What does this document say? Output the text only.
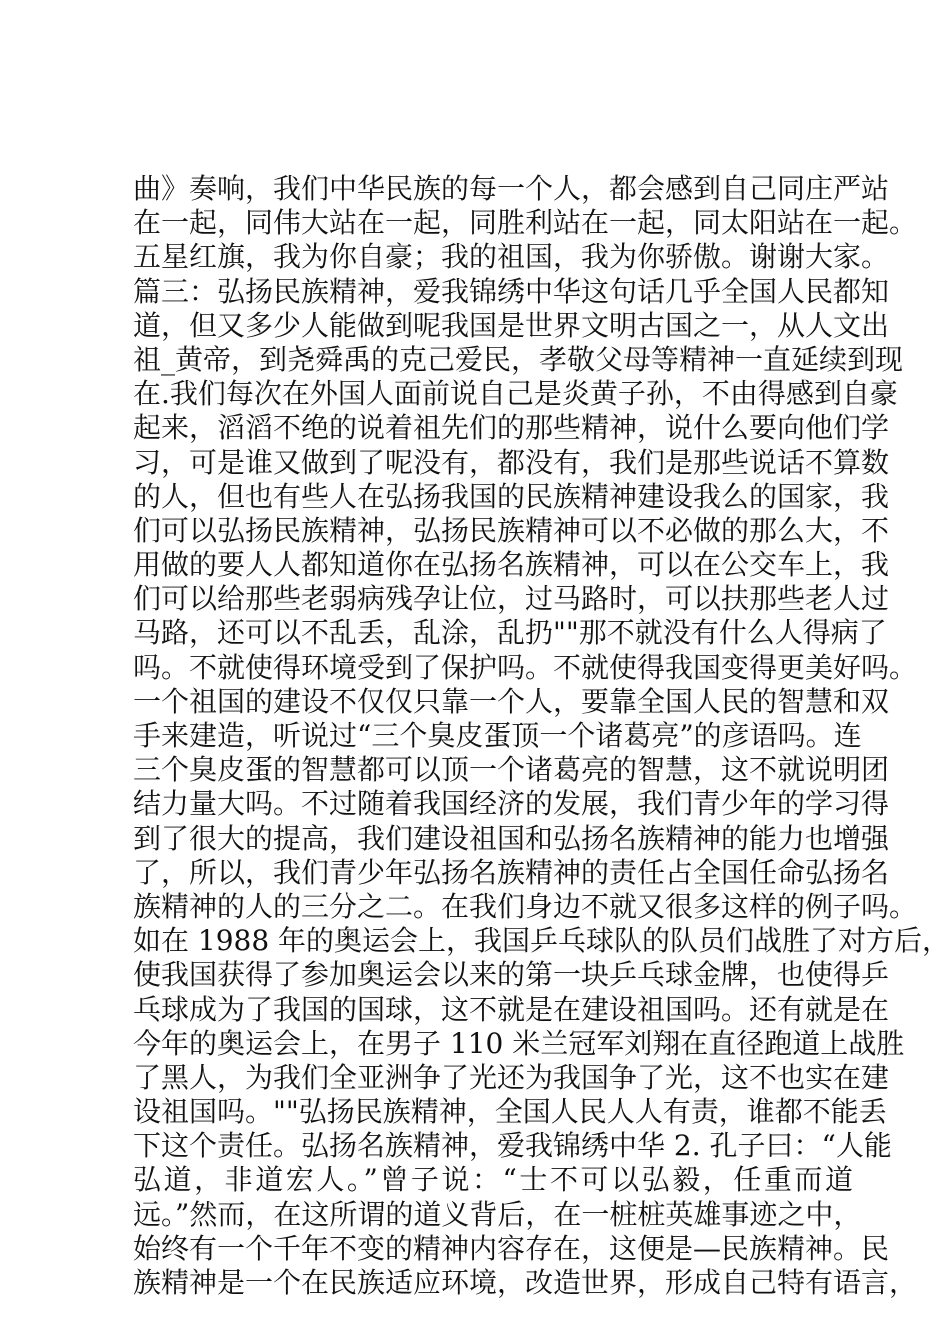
曲》奏响，我们中华民族的每一个人，都会感到自己同庄严站
在一起，同伟大站在一起，同胜利站在一起，同太阳站在一起。
五星红旗，我为你自豪；我的祖国，我为你骄傲。谢谢大家。
篇三：弘扬民族精神，爱我锦绣中华这句话几乎全国人民都知
道，但又多少人能做到呢我国是世界文明古国之一，从人文出
祖_黄帝，到尧舜禹的克己爱民，孝敬父母等精神一直延续到现
在.我们每次在外国人面前说自己是炎黄子孙，不由得感到自豪
起来，滔滔不绝的说着祖先们的那些精神，说什么要向他们学
习，可是谁又做到了呢没有，都没有，我们是那些说话不算数
的人，但也有些人在弘扬我国的民族精神建设我么的国家，我
们可以弘扬民族精神，弘扬民族精神可以不必做的那么大，不
用做的要人人都知道你在弘扬名族精神，可以在公交车上，我
们可以给那些老弱病残孕让位，过马路时，可以扶那些老人过
马路，还可以不乱丢，乱涂，乱扔""那不就没有什么人得病了
吗。不就使得环境受到了保护吗。不就使得我国变得更美好吗。
一个祖国的建设不仅仅只靠一个人，要靠全国人民的智慧和双
手来建造，听说过“三个臭皮蛋顶一个诸葛亮”的彦语吗。连
三个臭皮蛋的智慧都可以顶一个诸葛亮的智慧，这不就说明团
结力量大吗。不过随着我国经济的发展，我们青少年的学习得
到了很大的提高，我们建设祖国和弘扬名族精神的能力也增强
了，所以，我们青少年弘扬名族精神的责任占全国任命弘扬名
族精神的人的三分之二。在我们身边不就又很多这样的例子吗。
如在 1988 年的奥运会上，我国乒乓球队的队员们战胜了对方后，
使我国获得了参加奥运会以来的第一块乒乓球金牌，也使得乒
乓球成为了我国的国球，这不就是在建设祖国吗。还有就是在
今年的奥运会上，在男子 110 米兰冠军刘翔在直径跑道上战胜
了黑人，为我们全亚洲争了光还为我国争了光，这不也实在建
设祖国吗。""弘扬民族精神，全国人民人人有责，谁都不能丢
下这个责任。弘扬名族精神，爱我锦绣中华 2. 孔子曰：“人能
弘道，非道宏人。”曾子说：“士不可以弘毅，任重而道
远。”然而，在这所谓的道义背后，在一桩桩英雄事迹之中，
始终有一个千年不变的精神内容存在，这便是—民族精神。民
族精神是一个在民族适应环境，改造世界，形成自己特有语言，
